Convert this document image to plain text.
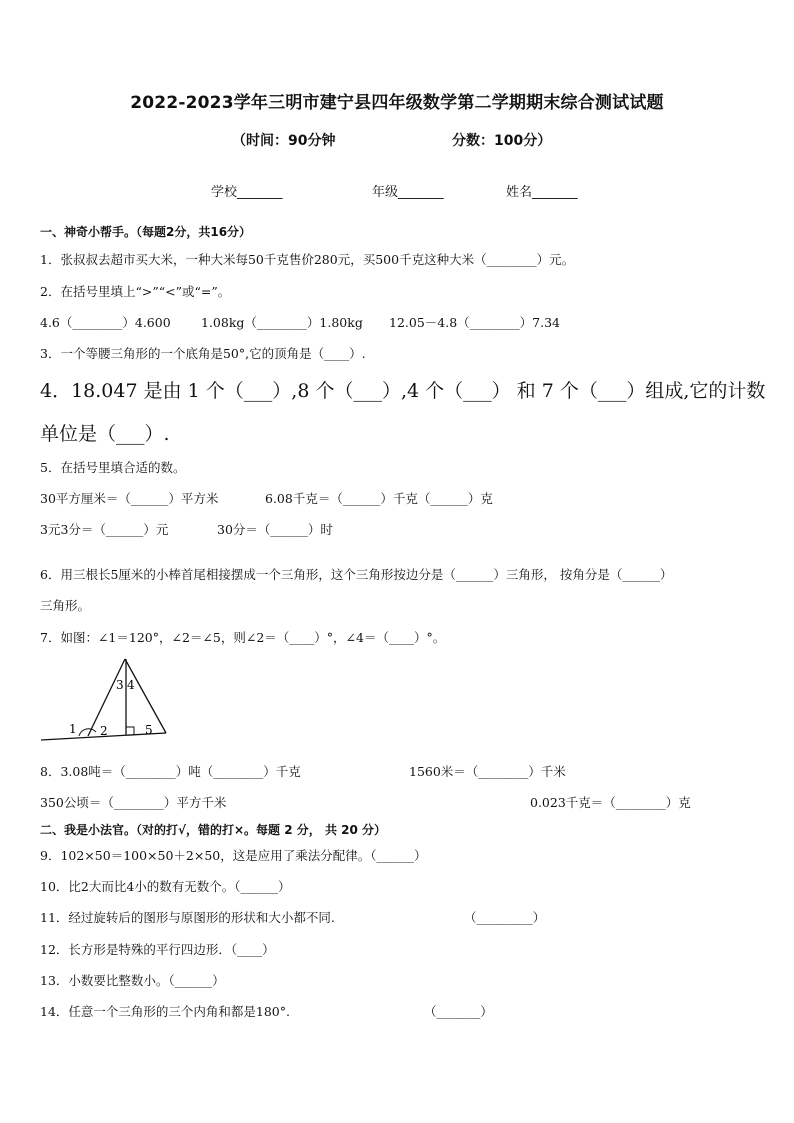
2022-2023学年三明市建宁县四年级数学第二学期期末综合测试试题
（时间：90分钟	分数：100分）
学校_______	年级_______	姓名_______
一、神奇小帮手。（每题2分，共16分）
1．张叔叔去超市买大米，一种大米每50千克售价280元，买500千克这种大米（________）元。
2．在括号里填上“>”“<”或“=”。
4.6（________）4.600 1.08kg（________）1.80kg 12.05－4.8（________）7.34
3．一个等腰三角形的一个底角是50°,它的顶角是（____）.
4．18.047 是由 1 个（___）,8 个（___）,4 个（___） 和 7 个（___）组成,它的计数
单位是（___）.
5．在括号里填合适的数。
30平方厘米＝（______）平方米	6.08千克＝（______）千克（______）克
3元3分＝（______）元	30分＝（______）时
6．用三根长5厘米的小棒首尾相接摆成一个三角形，这个三角形按边分是（______）三角形， 按角分是（______）
三角形。
7．如图：∠1＝120°，∠2＝∠5，则∠2＝（____）°，∠4＝（____）°。
1 2
3 4
5
8．3.08吨＝（________）吨（________）千克	1560米＝（________）千米
350公顷＝（________）平方千米	0.023千克＝（________）克
二、我是小法官。（对的打√，错的打×。每题 2 分， 共 20 分）
9．102×50＝100×50＋2×50，这是应用了乘法分配律。（______）
10．比2大而比4小的数有无数个。（______）
11．经过旋转后的图形与原图形的形状和大小都不同.	（_________）
12．长方形是特殊的平行四边形．（____）
13．小数要比整数小。（______）
14．任意一个三角形的三个内角和都是180°.	（_______）
